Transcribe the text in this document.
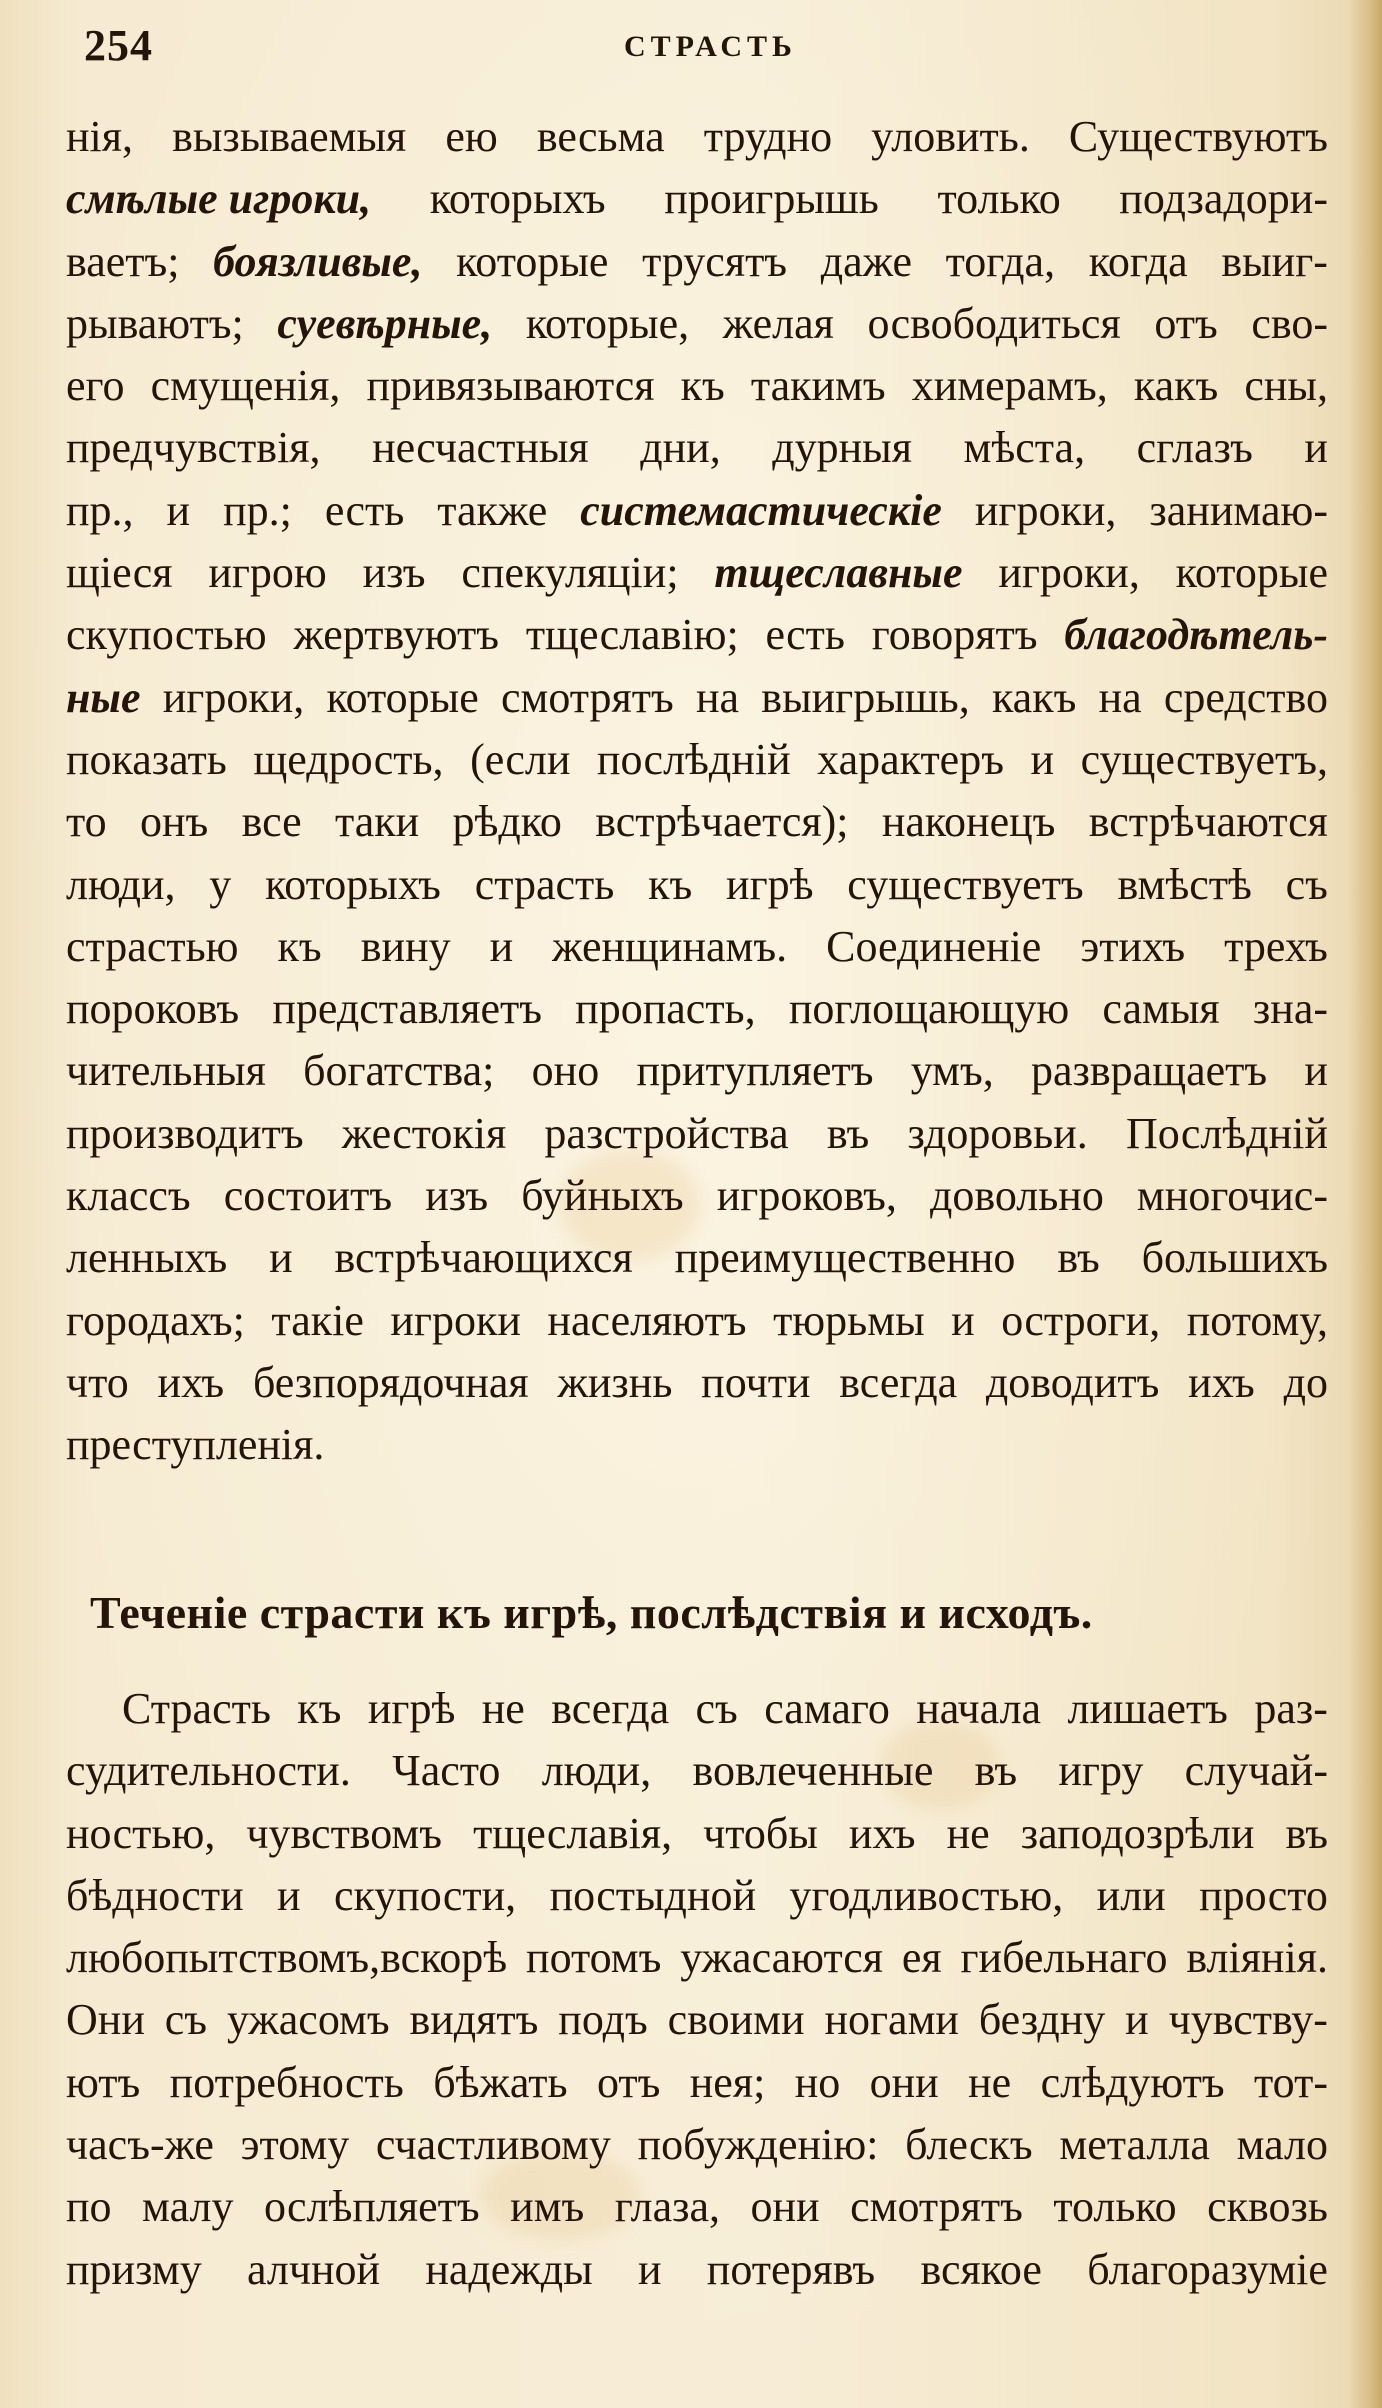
254	СТРАСТЬ
нія, вызываемыя ею весьма трудно уловить. Существуютъ
смѣлые игроки, которыхъ проигрышь только подзадори-
ваетъ; боязливые, которые трусятъ даже тогда, когда выиг-
рываютъ; суевѣрные, которые, желая освободиться отъ сво-
его смущенія, привязываются къ такимъ химерамъ, какъ сны,
предчувствія, несчастныя дни, дурныя мѣста, сглазъ и
пр., и пр.; есть также системастическіе игроки, занимаю-
щіеся игрою изъ спекуляціи; тщеславные игроки, которые
скупостью жертвуютъ тщеславію; есть говорятъ благодѣтель-
ные игроки, которые смотрятъ на выигрышь, какъ на средство
показать щедрость, (если послѣдній характеръ и существуетъ,
то онъ все таки рѣдко встрѣчается); наконецъ встрѣчаются
люди, у которыхъ страсть къ игрѣ существуетъ вмѣстѣ съ
страстью къ вину и женщинамъ. Соединеніе этихъ трехъ
пороковъ представляетъ пропасть, поглощающую самыя зна-
чительныя богатства; оно притупляетъ умъ, развращаетъ и
производитъ жестокія разстройства въ здоровьи. Послѣдній
классъ состоитъ изъ буйныхъ игроковъ, довольно многочис-
ленныхъ и встрѣчающихся преимущественно въ большихъ
городахъ; такіе игроки населяютъ тюрьмы и остроги, потому,
что ихъ безпорядочная жизнь почти всегда доводитъ ихъ до
преступленія.
Теченіе страсти къ игрѣ, послѣдствія и исходъ.
Страсть къ игрѣ не всегда съ самаго начала лишаетъ раз-
судительности. Часто люди, вовлеченные въ игру случай-
ностью, чувствомъ тщеславія, чтобы ихъ не заподозрѣли въ
бѣдности и скупости, постыдной угодливостью, или просто
любопытствомъ,вскорѣ потомъ ужасаются ея гибельнаго вліянія.
Они съ ужасомъ видятъ подъ своими ногами бездну и чувству-
ютъ потребность бѣжать отъ нея; но они не слѣдуютъ тот-
часъ-же этому счастливому побужденію: блескъ металла мало
по малу ослѣпляетъ имъ глаза, они смотрятъ только сквозь
призму алчной надежды и потерявъ всякое благоразуміе
